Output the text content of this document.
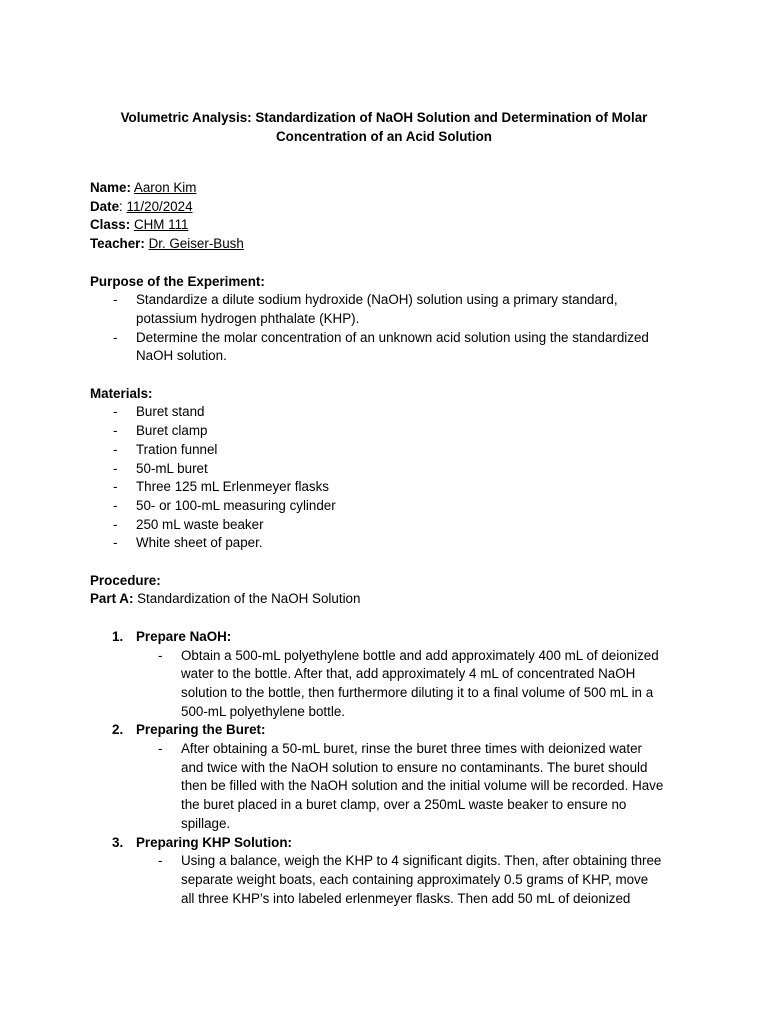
Volumetric Analysis: Standardization of NaOH Solution and Determination of Molar
Concentration of an Acid Solution
Name: Aaron Kim
Date: 11/20/2024
Class: CHM 111
Teacher: Dr. Geiser-Bush
Purpose of the Experiment:
- Standardize a dilute sodium hydroxide (NaOH) solution using a primary standard,
potassium hydrogen phthalate (KHP).
- Determine the molar concentration of an unknown acid solution using the standardized
NaOH solution.
Materials:
- Buret stand
- Buret clamp
- Tration funnel
- 50-mL buret
- Three 125 mL Erlenmeyer flasks
- 50- or 100-mL measuring cylinder
- 250 mL waste beaker
- White sheet of paper.
Procedure:
Part A: Standardization of the NaOH Solution
1. Prepare NaOH:
- Obtain a 500-mL polyethylene bottle and add approximately 400 mL of deionized
water to the bottle. After that, add approximately 4 mL of concentrated NaOH
solution to the bottle, then furthermore diluting it to a final volume of 500 mL in a
500-mL polyethylene bottle.
2. Preparing the Buret:
- After obtaining a 50-mL buret, rinse the buret three times with deionized water
and twice with the NaOH solution to ensure no contaminants. The buret should
then be filled with the NaOH solution and the initial volume will be recorded. Have
the buret placed in a buret clamp, over a 250mL waste beaker to ensure no
spillage.
3. Preparing KHP Solution:
- Using a balance, weigh the KHP to 4 significant digits. Then, after obtaining three
separate weight boats, each containing approximately 0.5 grams of KHP, move
all three KHP’s into labeled erlenmeyer flasks. Then add 50 mL of deionized
